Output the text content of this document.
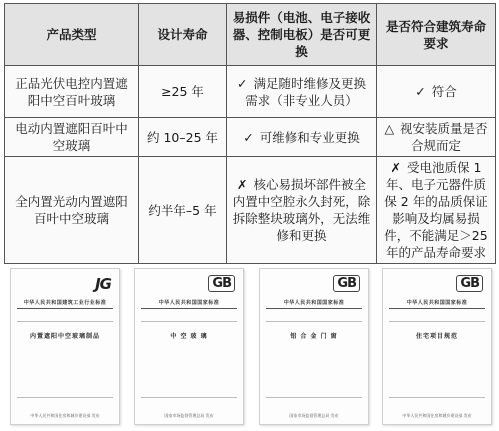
产品类型	设计寿命	易损件（电池、电子接收器、控制电板）是否可更换	是否符合建筑寿命要求
正品光伏电控内置遮阳中空百叶玻璃	≥25 年	✓ 满足随时维修及更换需求（非专业人员）	✓ 符合
电动内置遮阳百叶中空玻璃	约 10–25 年	✓ 可维修和专业更换	△ 视安装质量是否合规而定
全内置光动内置遮阳百叶中空玻璃	约半年–5 年	✗ 核心易损坏部件被全内置中空腔永久封死，除拆除整块玻璃外，无法维修和更换	✗ 受电池质保 1 年、电子元器件质保 2 年的品质保证影响及均属易损件，不能满足＞25 年的产品寿命要求
JG
中华人民共和国建筑工业行业标准
内置遮阳中空玻璃制品
中华人民共和国住房和城乡建设部 发布
GB
中华人民共和国国家标准
中 空 玻 璃
国家市场监督管理总局 发布
GB
中华人民共和国国家标准
铝 合 金 门 窗
国家市场监督管理总局 发布
GB
中华人民共和国国家标准
住宅项目规范
中华人民共和国住房和城乡建设部 发布
